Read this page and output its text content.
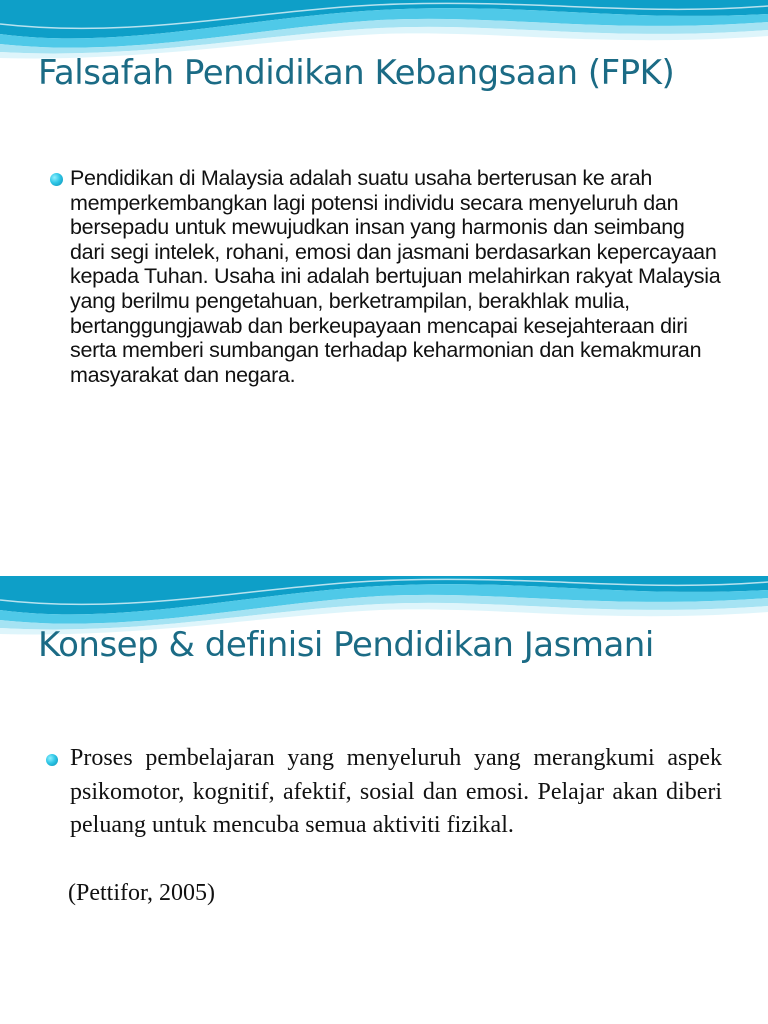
Falsafah Pendidikan Kebangsaan (FPK)
Pendidikan di Malaysia adalah suatu usaha berterusan ke arah memperkembangkan lagi potensi individu secara menyeluruh dan bersepadu untuk mewujudkan insan yang harmonis dan seimbang dari segi intelek, rohani, emosi dan jasmani berdasarkan kepercayaan kepada Tuhan. Usaha ini adalah bertujuan melahirkan rakyat Malaysia yang berilmu pengetahuan, berketrampilan, berakhlak mulia, bertanggungjawab dan berkeupayaan mencapai kesejahteraan diri serta memberi sumbangan terhadap keharmonian dan kemakmuran masyarakat dan negara.
Konsep & definisi Pendidikan Jasmani
Proses pembelajaran yang menyeluruh yang merangkumi aspek psikomotor, kognitif, afektif, sosial dan emosi. Pelajar akan diberi peluang untuk mencuba semua aktiviti fizikal.
(Pettifor, 2005)
